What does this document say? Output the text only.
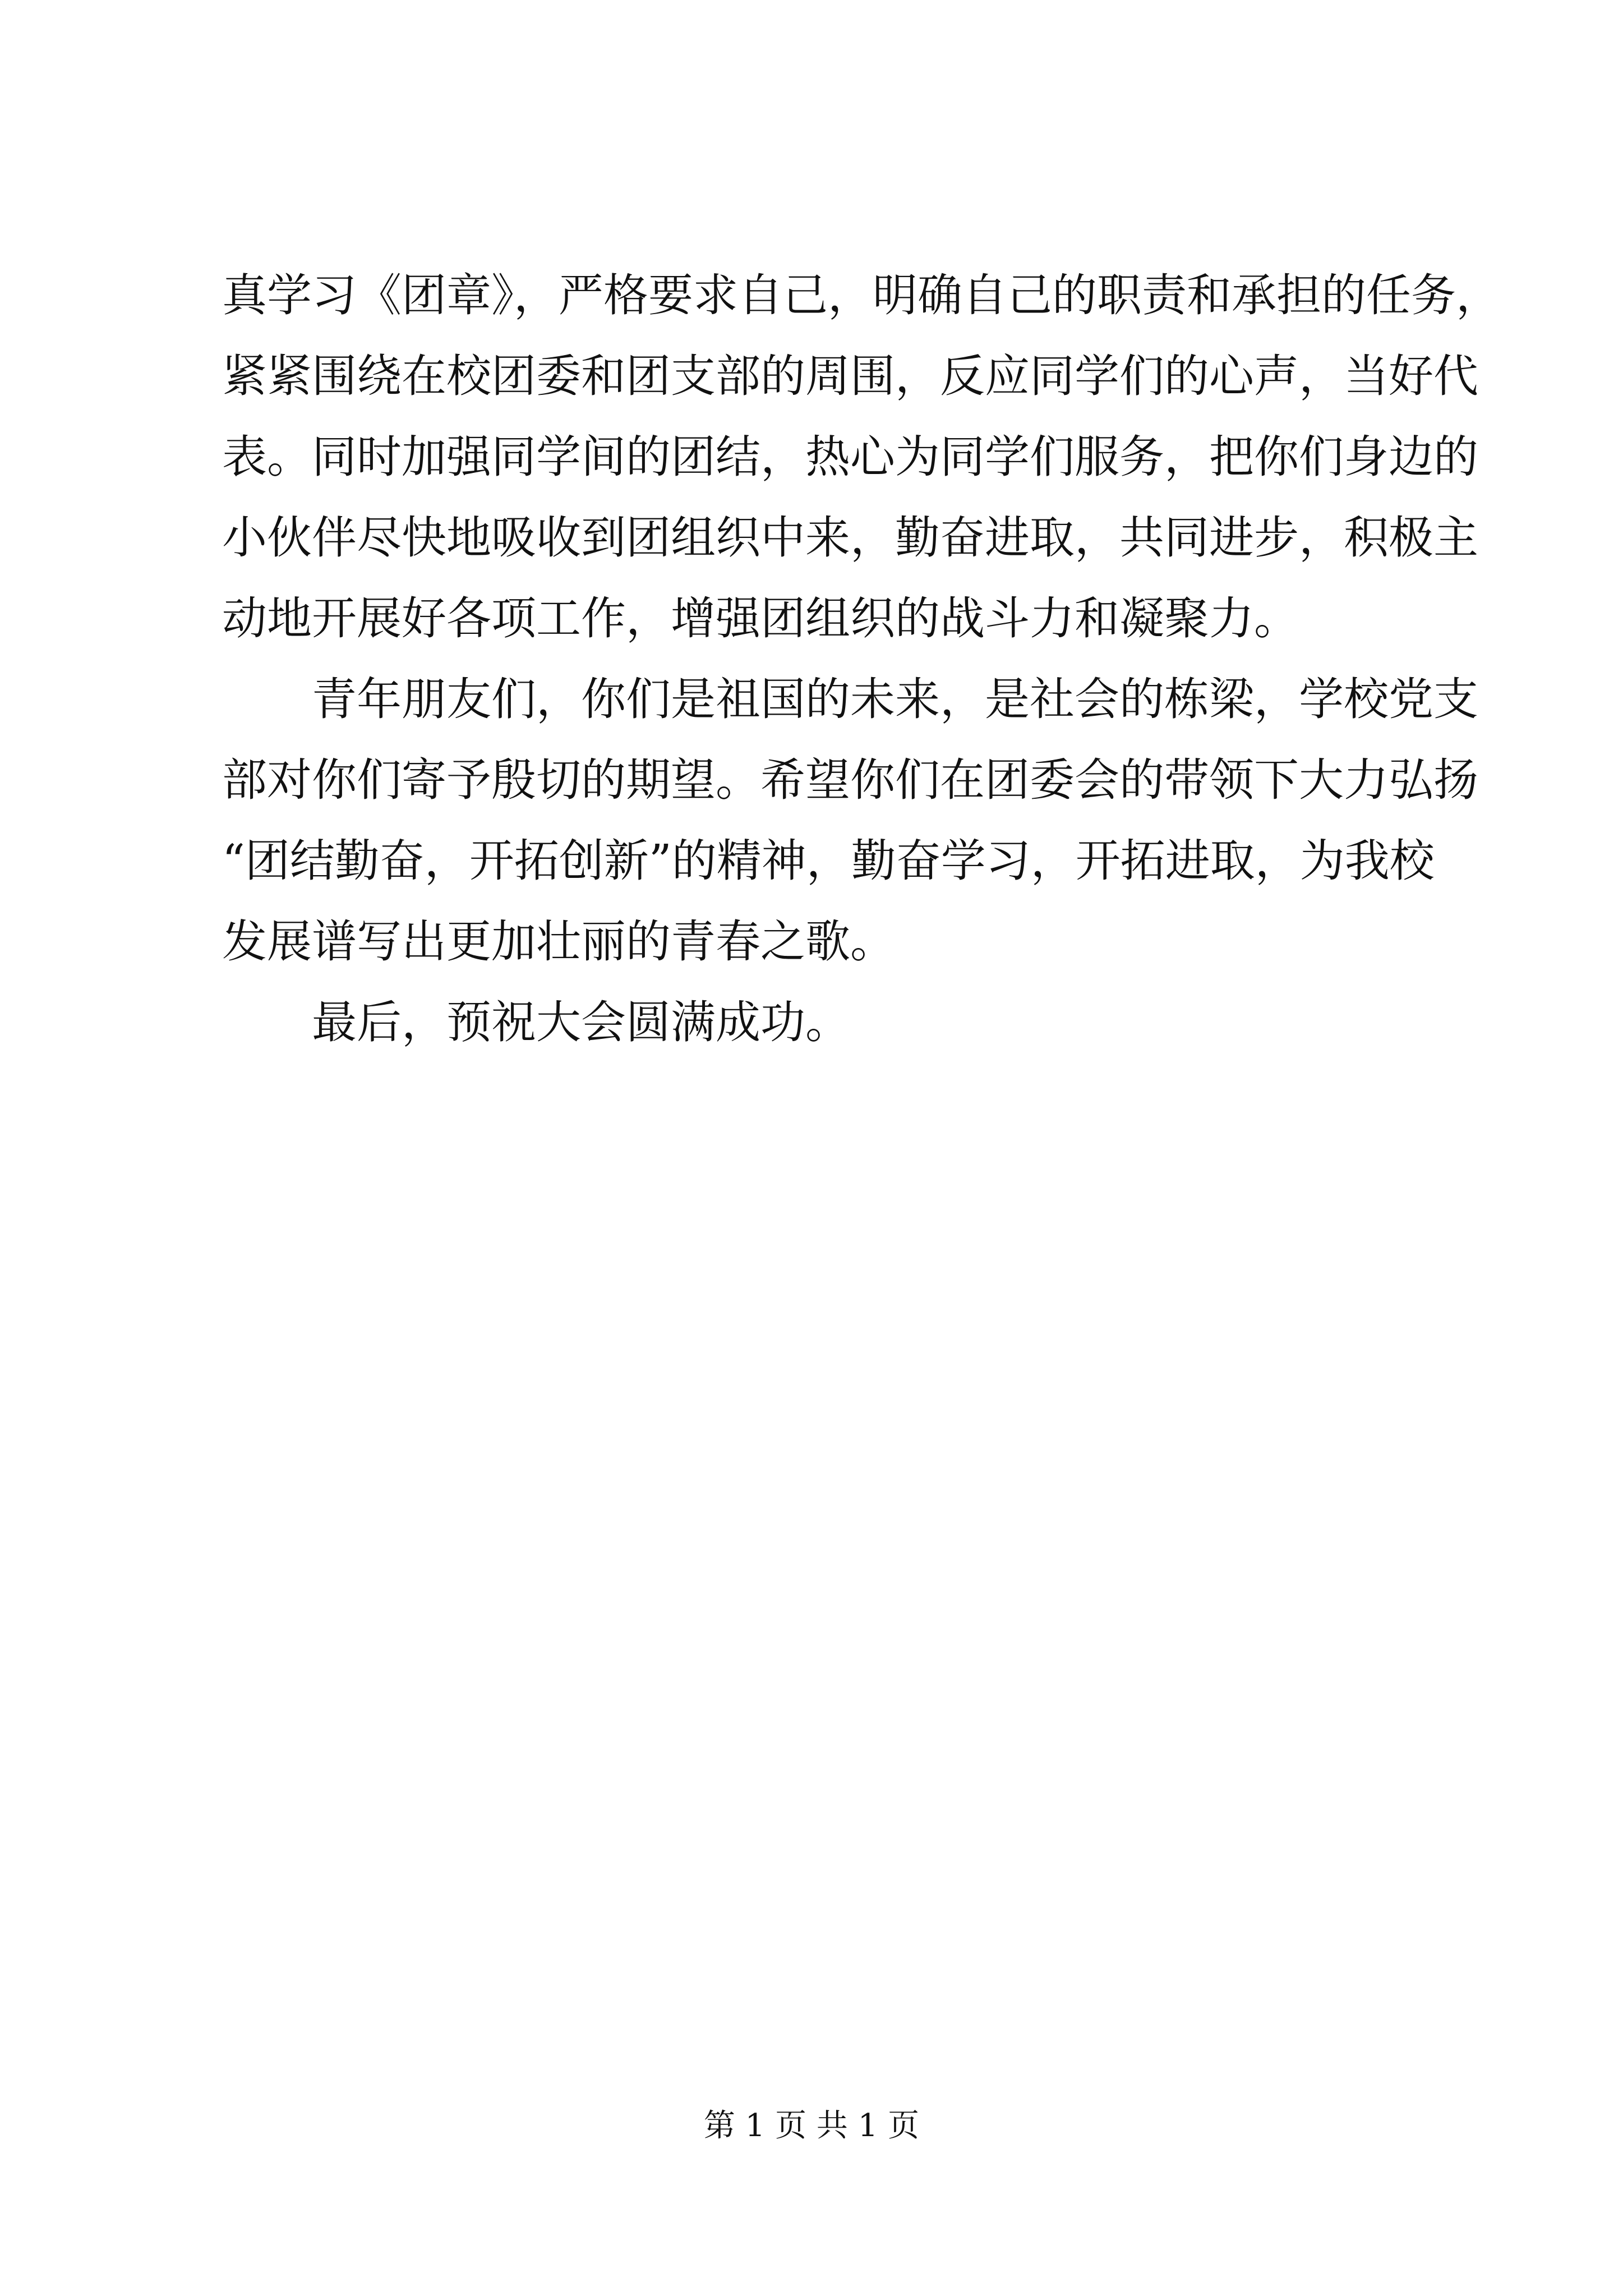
真学习《团章》，严格要求自己，明确自己的职责和承担的任务，
紧紧围绕在校团委和团支部的周围，反应同学们的心声，当好代
表。同时加强同学间的团结，热心为同学们服务，把你们身边的
小伙伴尽快地吸收到团组织中来，勤奋进取，共同进步，积极主
动地开展好各项工作，增强团组织的战斗力和凝聚力。
青年朋友们，你们是祖国的未来，是社会的栋梁，学校党支
部对你们寄予殷切的期望。希望你们在团委会的带领下大力弘扬
“团结勤奋，开拓创新”的精神，勤奋学习，开拓进取，为我校
发展谱写出更加壮丽的青春之歌。
最后，预祝大会圆满成功。
第 1 页 共 1 页
